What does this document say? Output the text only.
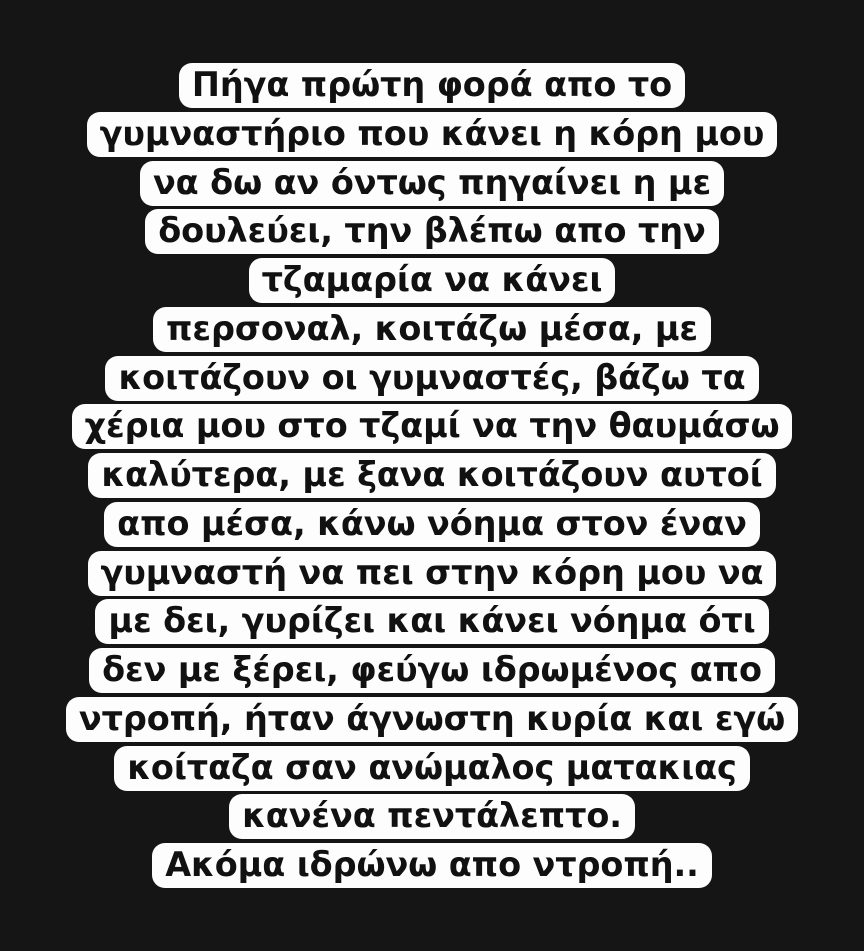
Πήγα πρώτη φορά απο το
γυμναστήριο που κάνει η κόρη μου
να δω αν όντως πηγαίνει η με
δουλεύει, την βλέπω απο την
τζαμαρία να κάνει
περσοναλ, κοιτάζω μέσα, με
κοιτάζουν οι γυμναστές, βάζω τα
χέρια μου στο τζαμί να την θαυμάσω
καλύτερα, με ξανα κοιτάζουν αυτοί
απο μέσα, κάνω νόημα στον έναν
γυμναστή να πει στην κόρη μου να
με δει, γυρίζει και κάνει νόημα ότι
δεν με ξέρει, φεύγω ιδρωμένος απο
ντροπή, ήταν άγνωστη κυρία και εγώ
κοίταζα σαν ανώμαλος ματακιας
κανένα πεντάλεπτο.
Ακόμα ιδρώνω απο ντροπή..
